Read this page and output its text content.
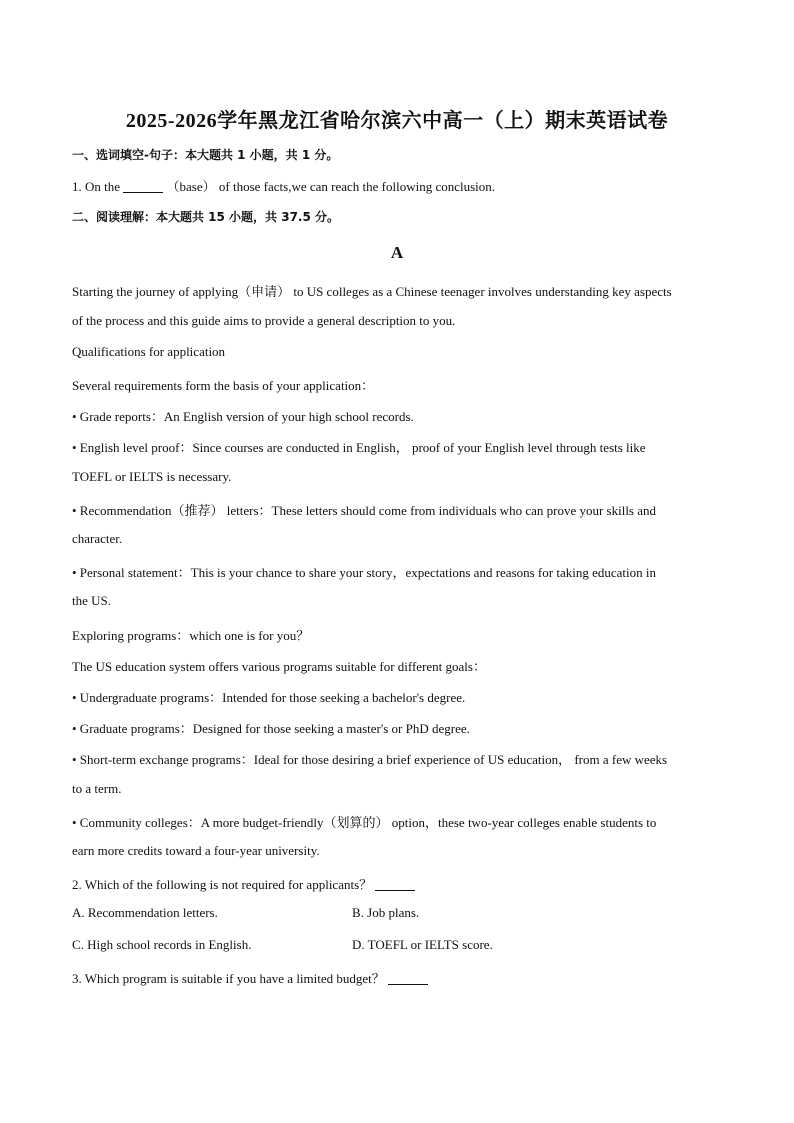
2025-2026学年黑龙江省哈尔滨六中高一（上）期末英语试卷
一、选词填空-句子：本大题共 1 小题，共 1 分。
1. On the	（base） of those facts,we can reach the following conclusion.
二、阅读理解：本大题共 15 小题，共 37.5 分。
A
Starting the journey of applying（申请） to US colleges as a Chinese teenager involves understanding key aspects
of the process and this guide aims to provide a general description to you.
Qualifications for application
Several requirements form the basis of your application：
• Grade reports：An English version of your high school records.
• English level proof：Since courses are conducted in English， proof of your English level through tests like
TOEFL or IELTS is necessary.
• Recommendation（推荐） letters：These letters should come from individuals who can prove your skills and
character.
• Personal statement：This is your chance to share your story，expectations and reasons for taking education in
the US.
Exploring programs：which one is for you？
The US education system offers various programs suitable for different goals：
• Undergraduate programs：Intended for those seeking a bachelor's degree.
• Graduate programs：Designed for those seeking a master's or PhD degree.
• Short-term exchange programs：Ideal for those desiring a brief experience of US education， from a few weeks
to a term.
• Community colleges：A more budget-friendly（划算的） option，these two-year colleges enable students to
earn more credits toward a four-year university.
2. Which of the following is not required for applicants？
A. Recommendation letters.	B. Job plans.
C. High school records in English.	D. TOEFL or IELTS score.
3. Which program is suitable if you have a limited budget？
